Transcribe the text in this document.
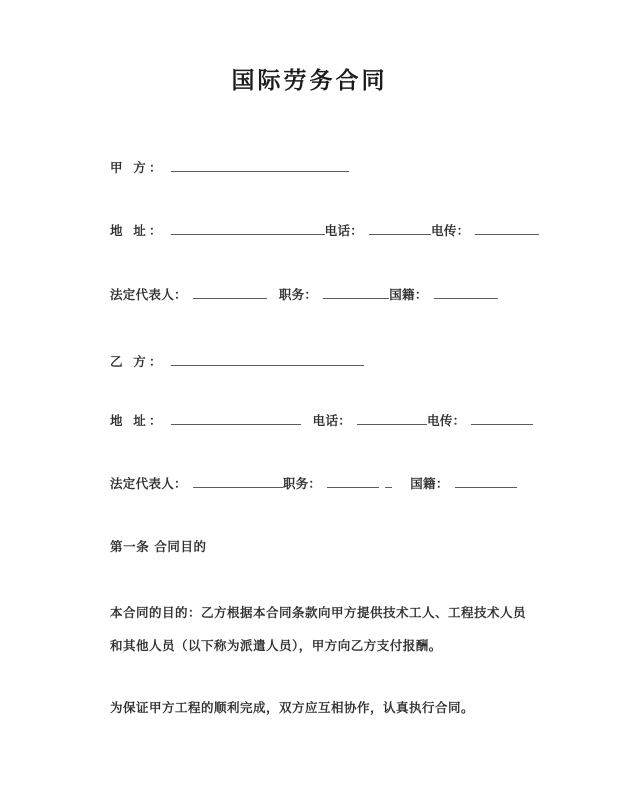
国际劳务合同
甲 方：
地 址：	电话：	电传：
法定代表人：	职务：	国籍：
乙 方：
地 址：	电话：	电传：
法定代表人：	职务：	国籍：
第一条 合同目的
本合同的目的：乙方根据本合同条款向甲方提供技术工人、工程技术人员和其他人员（以下称为派遣人员），甲方向乙方支付报酬。
为保证甲方工程的顺利完成，双方应互相协作，认真执行合同。
